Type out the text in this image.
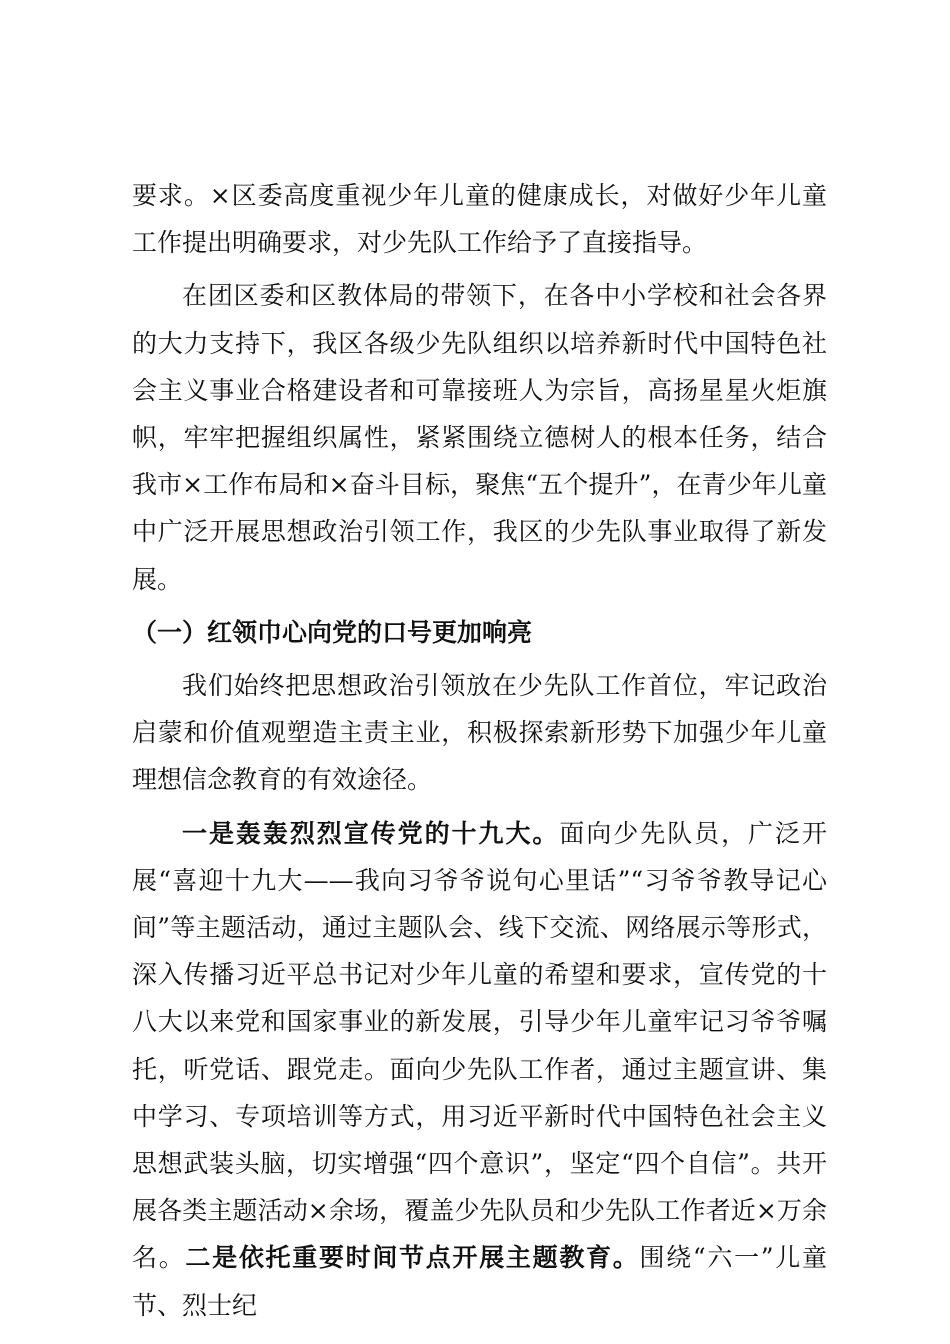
要求。×区委高度重视少年儿童的健康成长，对做好少年儿童工作提出明确要求，对少先队工作给予了直接指导。

在团区委和区教体局的带领下，在各中小学校和社会各界的大力支持下，我区各级少先队组织以培养新时代中国特色社会主义事业合格建设者和可靠接班人为宗旨，高扬星星火炬旗帜，牢牢把握组织属性，紧紧围绕立德树人的根本任务，结合我市×工作布局和×奋斗目标，聚焦“五个提升”，在青少年儿童中广泛开展思想政治引领工作，我区的少先队事业取得了新发展。

（一）红领巾心向党的口号更加响亮

我们始终把思想政治引领放在少先队工作首位，牢记政治启蒙和价值观塑造主责主业，积极探索新形势下加强少年儿童理想信念教育的有效途径。

一是轰轰烈烈宣传党的十九大。面向少先队员，广泛开展“喜迎十九大——我向习爷爷说句心里话”“习爷爷教导记心间”等主题活动，通过主题队会、线下交流、网络展示等形式，深入传播习近平总书记对少年儿童的希望和要求，宣传党的十八大以来党和国家事业的新发展，引导少年儿童牢记习爷爷嘱托，听党话、跟党走。面向少先队工作者，通过主题宣讲、集中学习、专项培训等方式，用习近平新时代中国特色社会主义思想武装头脑，切实增强“四个意识”，坚定“四个自信”。共开展各类主题活动×余场，覆盖少先队员和少先队工作者近×万余名。二是依托重要时间节点开展主题教育。围绕“六一”儿童节、烈士纪
